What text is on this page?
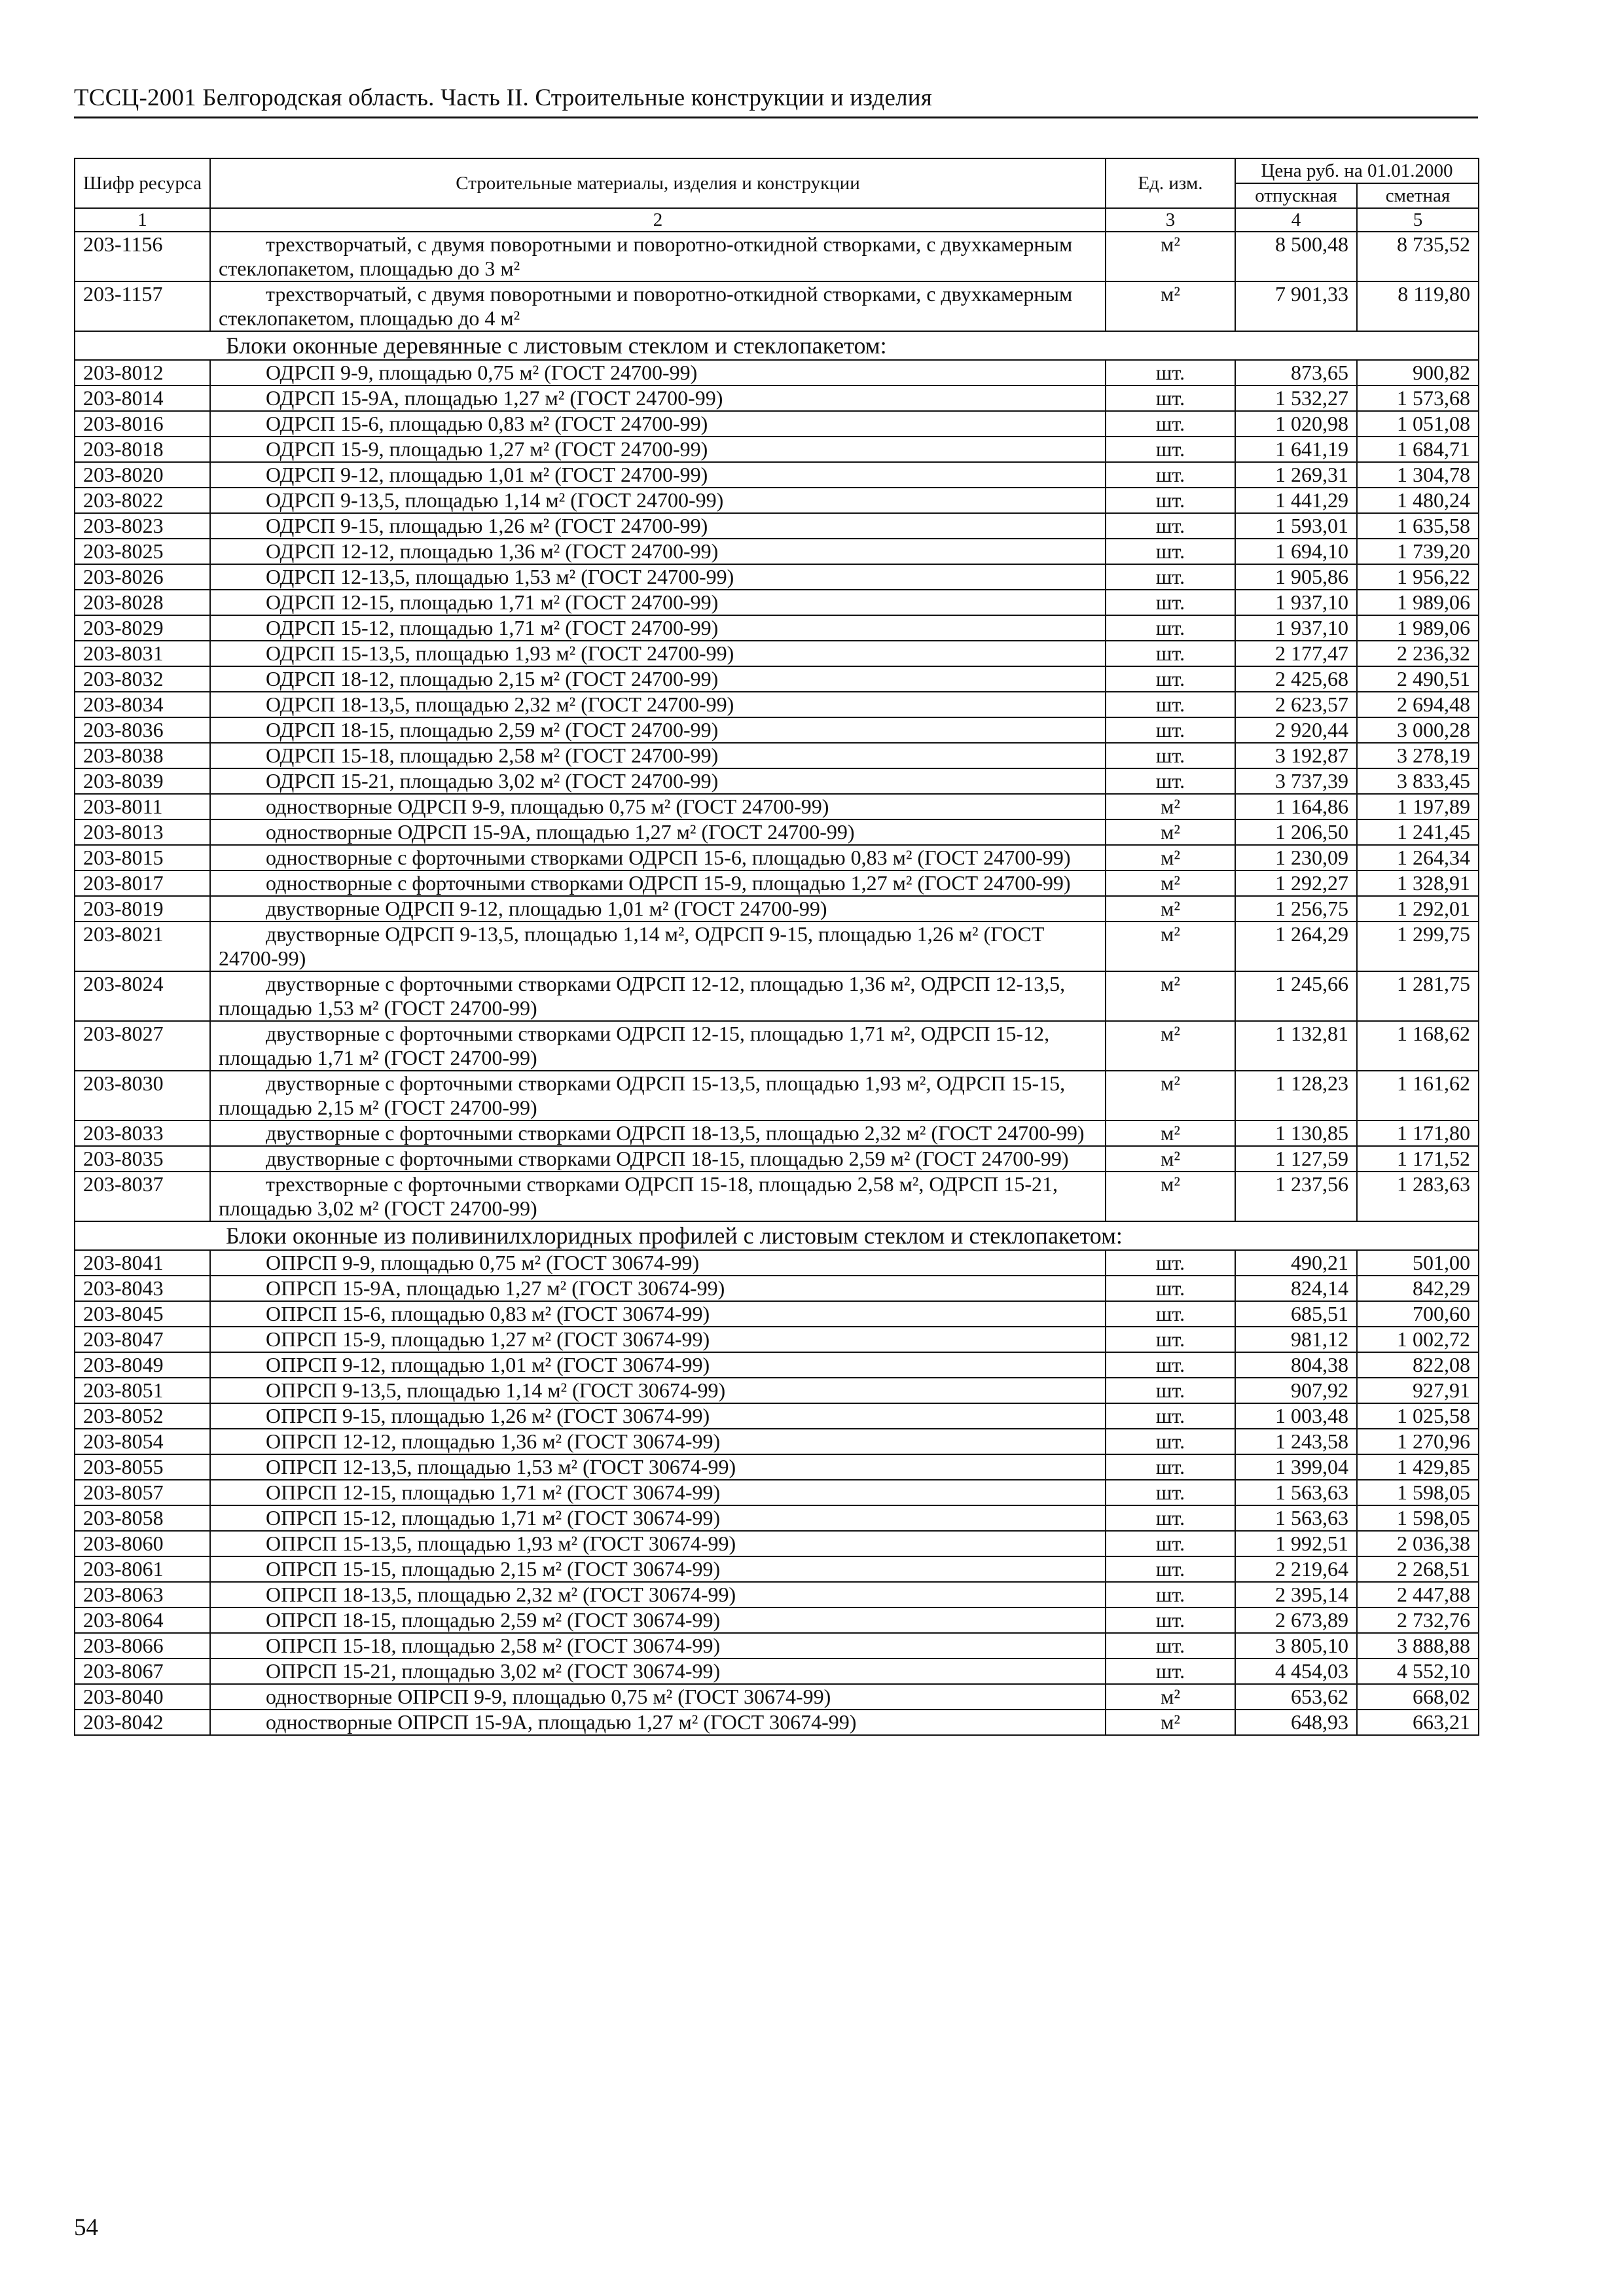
ТССЦ-2001 Белгородская область. Часть II. Строительные конструкции и изделия
Шифр ресурса	Строительные материалы, изделия и конструкции	Ед. изм.	Цена руб. на 01.01.2000	
			отпускная	сметная
1	2	3	4	5
203-1156	трехстворчатый, с двумя поворотными и поворотно-откидной створками, с двухкамерным стеклопакетом, площадью до 3 м²	м²	8 500,48	8 735,52
203-1157	трехстворчатый, с двумя поворотными и поворотно-откидной створками, с двухкамерным стеклопакетом, площадью до 4 м²	м²	7 901,33	8 119,80
Блоки оконные деревянные с листовым стеклом и стеклопакетом:				
203-8012	ОДРСП 9-9, площадью 0,75 м² (ГОСТ 24700-99)	шт.	873,65	900,82
203-8014	ОДРСП 15-9А, площадью 1,27 м² (ГОСТ 24700-99)	шт.	1 532,27	1 573,68
203-8016	ОДРСП 15-6, площадью 0,83 м² (ГОСТ 24700-99)	шт.	1 020,98	1 051,08
203-8018	ОДРСП 15-9, площадью 1,27 м² (ГОСТ 24700-99)	шт.	1 641,19	1 684,71
203-8020	ОДРСП 9-12, площадью 1,01 м² (ГОСТ 24700-99)	шт.	1 269,31	1 304,78
203-8022	ОДРСП 9-13,5, площадью 1,14 м² (ГОСТ 24700-99)	шт.	1 441,29	1 480,24
203-8023	ОДРСП 9-15, площадью 1,26 м² (ГОСТ 24700-99)	шт.	1 593,01	1 635,58
203-8025	ОДРСП 12-12, площадью 1,36 м² (ГОСТ 24700-99)	шт.	1 694,10	1 739,20
203-8026	ОДРСП 12-13,5, площадью 1,53 м² (ГОСТ 24700-99)	шт.	1 905,86	1 956,22
203-8028	ОДРСП 12-15, площадью 1,71 м² (ГОСТ 24700-99)	шт.	1 937,10	1 989,06
203-8029	ОДРСП 15-12, площадью 1,71 м² (ГОСТ 24700-99)	шт.	1 937,10	1 989,06
203-8031	ОДРСП 15-13,5, площадью 1,93 м² (ГОСТ 24700-99)	шт.	2 177,47	2 236,32
203-8032	ОДРСП 18-12, площадью 2,15 м² (ГОСТ 24700-99)	шт.	2 425,68	2 490,51
203-8034	ОДРСП 18-13,5, площадью 2,32 м² (ГОСТ 24700-99)	шт.	2 623,57	2 694,48
203-8036	ОДРСП 18-15, площадью 2,59 м² (ГОСТ 24700-99)	шт.	2 920,44	3 000,28
203-8038	ОДРСП 15-18, площадью 2,58 м² (ГОСТ 24700-99)	шт.	3 192,87	3 278,19
203-8039	ОДРСП 15-21, площадью 3,02 м² (ГОСТ 24700-99)	шт.	3 737,39	3 833,45
203-8011	одностворные ОДРСП 9-9, площадью 0,75 м² (ГОСТ 24700-99)	м²	1 164,86	1 197,89
203-8013	одностворные ОДРСП 15-9А, площадью 1,27 м² (ГОСТ 24700-99)	м²	1 206,50	1 241,45
203-8015	одностворные с форточными створками ОДРСП 15-6, площадью 0,83 м² (ГОСТ 24700-99)	м²	1 230,09	1 264,34
203-8017	одностворные с форточными створками ОДРСП 15-9, площадью 1,27 м² (ГОСТ 24700-99)	м²	1 292,27	1 328,91
203-8019	двустворные ОДРСП 9-12, площадью 1,01 м² (ГОСТ 24700-99)	м²	1 256,75	1 292,01
203-8021	двустворные ОДРСП 9-13,5, площадью 1,14 м², ОДРСП 9-15, площадью 1,26 м² (ГОСТ 24700-99)	м²	1 264,29	1 299,75
203-8024	двустворные с форточными створками ОДРСП 12-12, площадью 1,36 м², ОДРСП 12-13,5, площадью 1,53 м² (ГОСТ 24700-99)	м²	1 245,66	1 281,75
203-8027	двустворные с форточными створками ОДРСП 12-15, площадью 1,71 м², ОДРСП 15-12, площадью 1,71 м² (ГОСТ 24700-99)	м²	1 132,81	1 168,62
203-8030	двустворные с форточными створками ОДРСП 15-13,5, площадью 1,93 м², ОДРСП 15-15, площадью 2,15 м² (ГОСТ 24700-99)	м²	1 128,23	1 161,62
203-8033	двустворные с форточными створками ОДРСП 18-13,5, площадью 2,32 м² (ГОСТ 24700-99)	м²	1 130,85	1 171,80
203-8035	двустворные с форточными створками ОДРСП 18-15, площадью 2,59 м² (ГОСТ 24700-99)	м²	1 127,59	1 171,52
203-8037	трехстворные с форточными створками ОДРСП 15-18, площадью 2,58 м², ОДРСП 15-21, площадью 3,02 м² (ГОСТ 24700-99)	м²	1 237,56	1 283,63
Блоки оконные из поливинилхлоридных профилей с листовым стеклом и стеклопакетом:				
203-8041	ОПРСП 9-9, площадью 0,75 м² (ГОСТ 30674-99)	шт.	490,21	501,00
203-8043	ОПРСП 15-9А, площадью 1,27 м² (ГОСТ 30674-99)	шт.	824,14	842,29
203-8045	ОПРСП 15-6, площадью 0,83 м² (ГОСТ 30674-99)	шт.	685,51	700,60
203-8047	ОПРСП 15-9, площадью 1,27 м² (ГОСТ 30674-99)	шт.	981,12	1 002,72
203-8049	ОПРСП 9-12, площадью 1,01 м² (ГОСТ 30674-99)	шт.	804,38	822,08
203-8051	ОПРСП 9-13,5, площадью 1,14 м² (ГОСТ 30674-99)	шт.	907,92	927,91
203-8052	ОПРСП 9-15, площадью 1,26 м² (ГОСТ 30674-99)	шт.	1 003,48	1 025,58
203-8054	ОПРСП 12-12, площадью 1,36 м² (ГОСТ 30674-99)	шт.	1 243,58	1 270,96
203-8055	ОПРСП 12-13,5, площадью 1,53 м² (ГОСТ 30674-99)	шт.	1 399,04	1 429,85
203-8057	ОПРСП 12-15, площадью 1,71 м² (ГОСТ 30674-99)	шт.	1 563,63	1 598,05
203-8058	ОПРСП 15-12, площадью 1,71 м² (ГОСТ 30674-99)	шт.	1 563,63	1 598,05
203-8060	ОПРСП 15-13,5, площадью 1,93 м² (ГОСТ 30674-99)	шт.	1 992,51	2 036,38
203-8061	ОПРСП 15-15, площадью 2,15 м² (ГОСТ 30674-99)	шт.	2 219,64	2 268,51
203-8063	ОПРСП 18-13,5, площадью 2,32 м² (ГОСТ 30674-99)	шт.	2 395,14	2 447,88
203-8064	ОПРСП 18-15, площадью 2,59 м² (ГОСТ 30674-99)	шт.	2 673,89	2 732,76
203-8066	ОПРСП 15-18, площадью 2,58 м² (ГОСТ 30674-99)	шт.	3 805,10	3 888,88
203-8067	ОПРСП 15-21, площадью 3,02 м² (ГОСТ 30674-99)	шт.	4 454,03	4 552,10
203-8040	одностворные ОПРСП 9-9, площадью 0,75 м² (ГОСТ 30674-99)	м²	653,62	668,02
203-8042	одностворные ОПРСП 15-9А, площадью 1,27 м² (ГОСТ 30674-99)	м²	648,93	663,21
54
